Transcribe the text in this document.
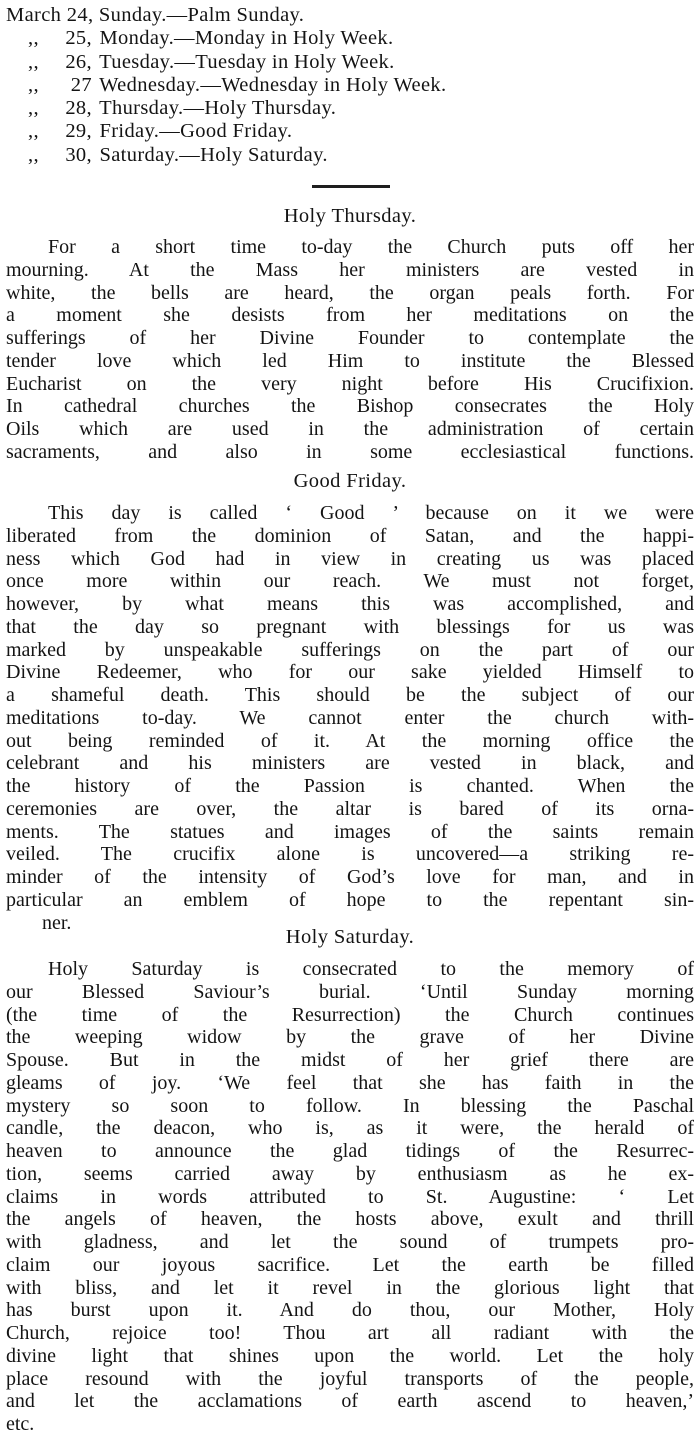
March 24, Sunday.—Palm Sunday.
,, 25, Monday.—Monday in Holy Week.
,, 26, Tuesday.—Tuesday in Holy Week.
,, 27 Wednesday.—Wednesday in Holy Week.
,, 28, Thursday.—Holy Thursday.
,, 29, Friday.—Good Friday.
,, 30, Saturday.—Holy Saturday.
Holy Thursday.
For a short time to-day the Church puts off her
mourning. At the Mass her ministers are vested in
white, the bells are heard, the organ peals forth. For
a moment she desists from her meditations on the
sufferings of her Divine Founder to contemplate the
tender love which led Him to institute the Blessed
Eucharist on the very night before His Crucifixion.
In cathedral churches the Bishop consecrates the Holy
Oils which are used in the administration of certain
sacraments, and also in some ecclesiastical functions.
Good Friday.
This day is called ‘ Good ’ because on it we were
liberated from the dominion of Satan, and the happi-
ness which God had in view in creating us was placed
once more within our reach. We must not forget,
however, by what means this was accomplished, and
that the day so pregnant with blessings for us was
marked by unspeakable sufferings on the part of our
Divine Redeemer, who for our sake yielded Himself to
a shameful death. This should be the subject of our
meditations to-day. We cannot enter the church with-
out being reminded of it. At the morning office the
celebrant and his ministers are vested in black, and
the history of the Passion is chanted. When the
ceremonies are over, the altar is bared of its orna-
ments. The statues and images of the saints remain
veiled. The crucifix alone is uncovered—a striking re-
minder of the intensity of God’s love for man, and in
particular an emblem of hope to the repentant sin-
ner.
Holy Saturday.
Holy Saturday is consecrated to the memory of
our Blessed Saviour’s burial. ‘Until Sunday morning
(the time of the Resurrection) the Church continues
the weeping widow by the grave of her Divine
Spouse. But in the midst of her grief there are
gleams of joy. ‘We feel that she has faith in the
mystery so soon to follow. In blessing the Paschal
candle, the deacon, who is, as it were, the herald of
heaven to announce the glad tidings of the Resurrec-
tion, seems carried away by enthusiasm as he ex-
claims in words attributed to St. Augustine: ‘ Let
the angels of heaven, the hosts above, exult and thrill
with gladness, and let the sound of trumpets pro-
claim our joyous sacrifice. Let the earth be filled
with bliss, and let it revel in the glorious light that
has burst upon it. And do thou, our Mother, Holy
Church, rejoice too! Thou art all radiant with the
divine light that shines upon the world. Let the holy
place resound with the joyful transports of the people,
and let the acclamations of earth ascend to heaven,’
etc.
